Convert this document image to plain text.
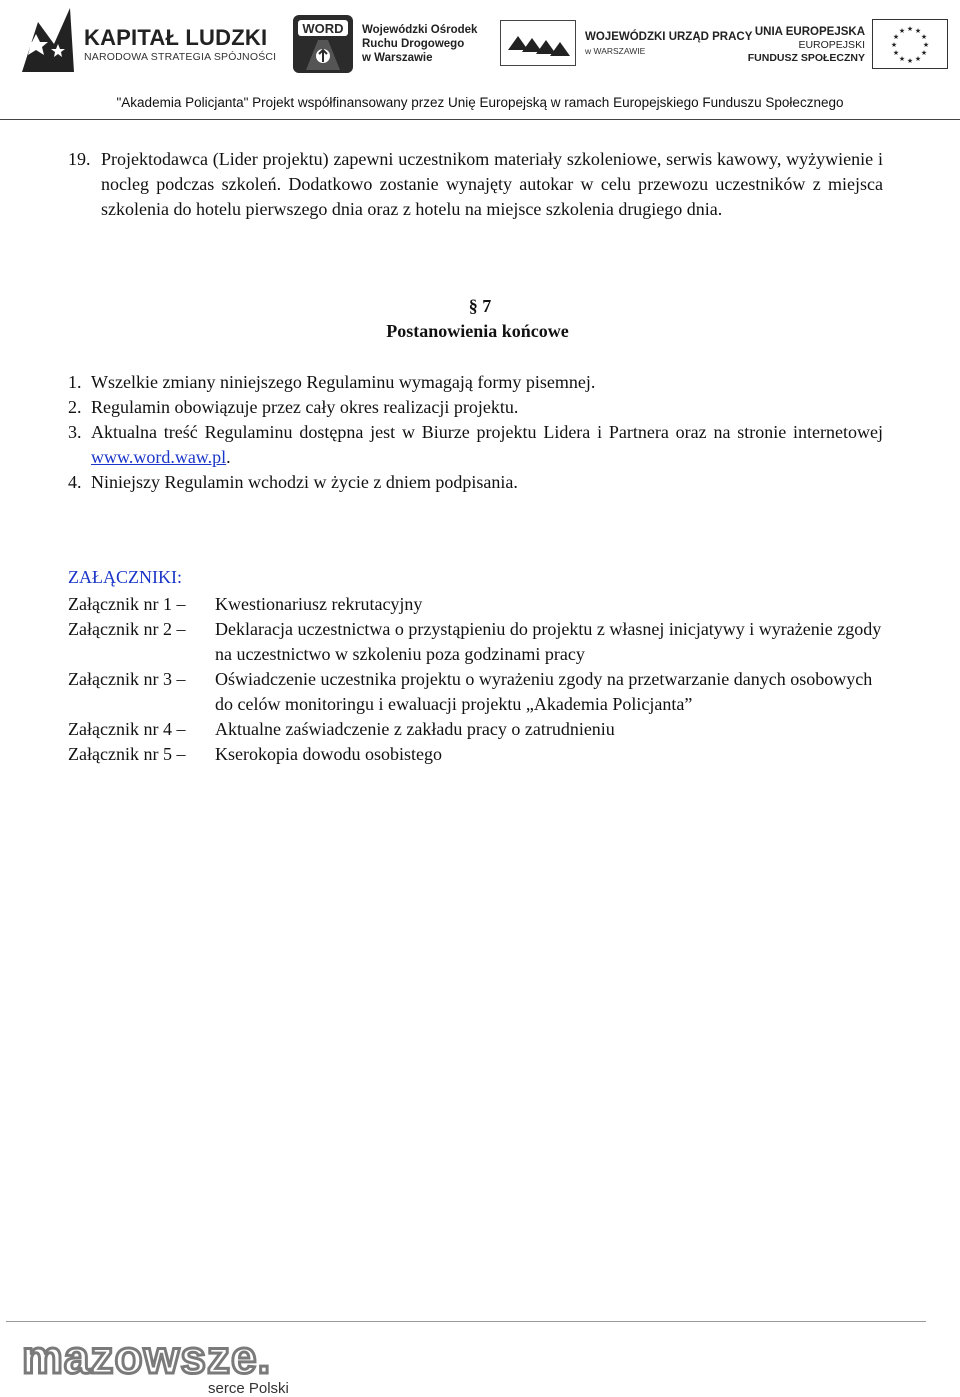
KAPITAŁ LUDZKI
NARODOWA STRATEGIA SPÓJNOŚCI
WORD Wojewódzki Ośrodek
Ruchu Drogowego
w Warszawie
WOJEWÓDZKI URZĄD PRACY
w WARSZAWIE
UNIA EUROPEJSKA
EUROPEJSKI
FUNDUSZ SPOŁECZNY
★ ★
★
★
★
★
★
★
★
★
★
★
"Akademia Policjanta" Projekt współfinansowany przez Unię Europejską w ramach Europejskiego Funduszu Społecznego
19. Projektodawca (Lider projektu) zapewni uczestnikom materiały szkoleniowe, serwis kawowy, wyżywienie i nocleg podczas szkoleń. Dodatkowo zostanie wynajęty autokar w celu przewozu uczestników z miejsca szkolenia do hotelu pierwszego dnia oraz z hotelu na miejsce szkolenia drugiego dnia.
§ 7
Postanowienia końcowe
1. Wszelkie zmiany niniejszego Regulaminu wymagają formy pisemnej.
2. Regulamin obowiązuje przez cały okres realizacji projektu.
3. Aktualna treść Regulaminu dostępna jest w Biurze projektu Lidera i Partnera oraz na stronie internetowej www.word.waw.pl.
4. Niniejszy Regulamin wchodzi w życie z dniem podpisania.
ZAŁĄCZNIKI:
Załącznik nr 1 –	Kwestionariusz rekrutacyjny
Załącznik nr 2 –	Deklaracja uczestnictwa o przystąpieniu do projektu z własnej inicjatywy i wyrażenie zgody na uczestnictwo w szkoleniu poza godzinami pracy
Załącznik nr 3 –	Oświadczenie uczestnika projektu o wyrażeniu zgody na przetwarzanie danych osobowych do celów monitoringu i ewaluacji projektu „Akademia Policjanta”
Załącznik nr 4 –	Aktualne zaświadczenie z zakładu pracy o zatrudnieniu
Załącznik nr 5 –	Kserokopia dowodu osobistego
mazowsze.
serce Polski
